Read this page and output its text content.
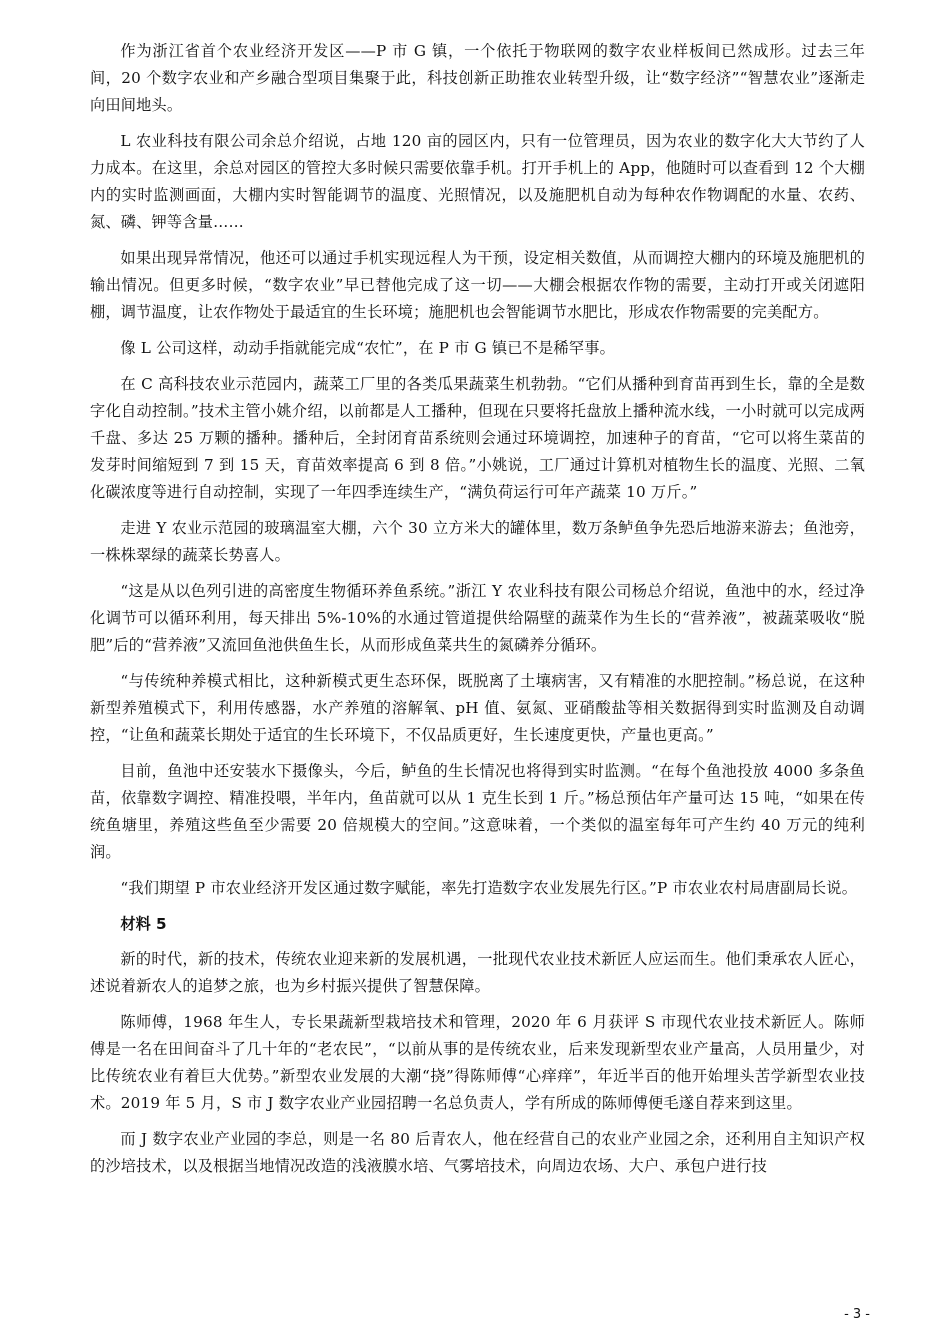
作为浙江省首个农业经济开发区——P 市 G 镇，一个依托于物联网的数字农业样板间已然成形。过去三年间，20 个数字农业和产乡融合型项目集聚于此，科技创新正助推农业转型升级，让“数字经济”“智慧农业”逐渐走向田间地头。

L 农业科技有限公司余总介绍说，占地 120 亩的园区内，只有一位管理员，因为农业的数字化大大节约了人力成本。在这里，余总对园区的管控大多时候只需要依靠手机。打开手机上的 App，他随时可以查看到 12 个大棚内的实时监测画面，大棚内实时智能调节的温度、光照情况，以及施肥机自动为每种农作物调配的水量、农药、氮、磷、钾等含量……

如果出现异常情况，他还可以通过手机实现远程人为干预，设定相关数值，从而调控大棚内的环境及施肥机的输出情况。但更多时候，“数字农业”早已替他完成了这一切——大棚会根据农作物的需要，主动打开或关闭遮阳棚，调节温度，让农作物处于最适宜的生长环境；施肥机也会智能调节水肥比，形成农作物需要的完美配方。

像 L 公司这样，动动手指就能完成“农忙”，在 P 市 G 镇已不是稀罕事。

在 C 高科技农业示范园内，蔬菜工厂里的各类瓜果蔬菜生机勃勃。“它们从播种到育苗再到生长，靠的全是数字化自动控制。”技术主管小姚介绍，以前都是人工播种，但现在只要将托盘放上播种流水线，一小时就可以完成两千盘、多达 25 万颗的播种。播种后，全封闭育苗系统则会通过环境调控，加速种子的育苗，“它可以将生菜苗的发芽时间缩短到 7 到 15 天，育苗效率提高 6 到 8 倍。”小姚说，工厂通过计算机对植物生长的温度、光照、二氧化碳浓度等进行自动控制，实现了一年四季连续生产，“满负荷运行可年产蔬菜 10 万斤。”

走进 Y 农业示范园的玻璃温室大棚，六个 30 立方米大的罐体里，数万条鲈鱼争先恐后地游来游去；鱼池旁，一株株翠绿的蔬菜长势喜人。

“这是从以色列引进的高密度生物循环养鱼系统。”浙江 Y 农业科技有限公司杨总介绍说，鱼池中的水，经过净化调节可以循环利用，每天排出 5%-10%的水通过管道提供给隔壁的蔬菜作为生长的“营养液”，被蔬菜吸收“脱肥”后的“营养液”又流回鱼池供鱼生长，从而形成鱼菜共生的氮磷养分循环。

“与传统种养模式相比，这种新模式更生态环保，既脱离了土壤病害，又有精准的水肥控制。”杨总说，在这种新型养殖模式下，利用传感器，水产养殖的溶解氧、pH 值、氨氮、亚硝酸盐等相关数据得到实时监测及自动调控，“让鱼和蔬菜长期处于适宜的生长环境下，不仅品质更好，生长速度更快，产量也更高。”

目前，鱼池中还安装水下摄像头，今后，鲈鱼的生长情况也将得到实时监测。“在每个鱼池投放 4000 多条鱼苗，依靠数字调控、精准投喂，半年内，鱼苗就可以从 1 克生长到 1 斤。”杨总预估年产量可达 15 吨，“如果在传统鱼塘里，养殖这些鱼至少需要 20 倍规模大的空间。”这意味着，一个类似的温室每年可产生约 40 万元的纯利润。

“我们期望 P 市农业经济开发区通过数字赋能，率先打造数字农业发展先行区。”P 市农业农村局唐副局长说。

材料 5

新的时代，新的技术，传统农业迎来新的发展机遇，一批现代农业技术新匠人应运而生。他们秉承农人匠心，述说着新农人的追梦之旅，也为乡村振兴提供了智慧保障。

陈师傅，1968 年生人，专长果蔬新型栽培技术和管理，2020 年 6 月获评 S 市现代农业技术新匠人。陈师傅是一名在田间奋斗了几十年的“老农民”，“以前从事的是传统农业，后来发现新型农业产量高，人员用量少，对比传统农业有着巨大优势。”新型农业发展的大潮“挠”得陈师傅“心痒痒”，年近半百的他开始埋头苦学新型农业技术。2019 年 5 月，S 市 J 数字农业产业园招聘一名总负责人，学有所成的陈师傅便毛遂自荐来到这里。

而 J 数字农业产业园的李总，则是一名 80 后青农人，他在经营自己的农业产业园之余，还利用自主知识产权的沙培技术，以及根据当地情况改造的浅液膜水培、气雾培技术，向周边农场、大户、承包户进行技

- 3 -
